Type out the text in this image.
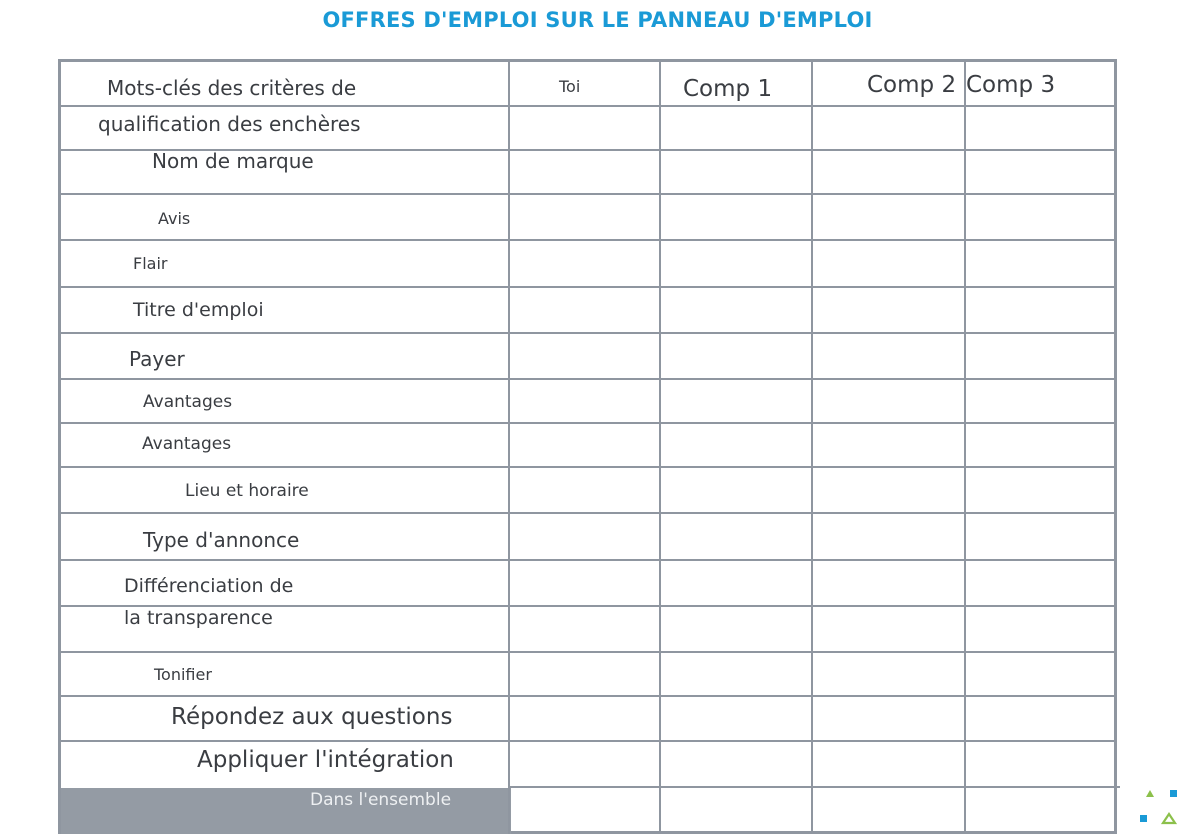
OFFRES D'EMPLOI SUR LE PANNEAU D'EMPLOI
Toi	Comp 1	Comp 2 Comp 3
Mots-clés des critères de
qualification des enchères
Nom de marque
Avis
Flair
Titre d'emploi
Payer
Avantages
Avantages
Lieu et horaire
Type d'annonce
Différenciation de
la transparence
Tonifier
Répondez aux questions
Appliquer l'intégration
Dans l'ensemble
